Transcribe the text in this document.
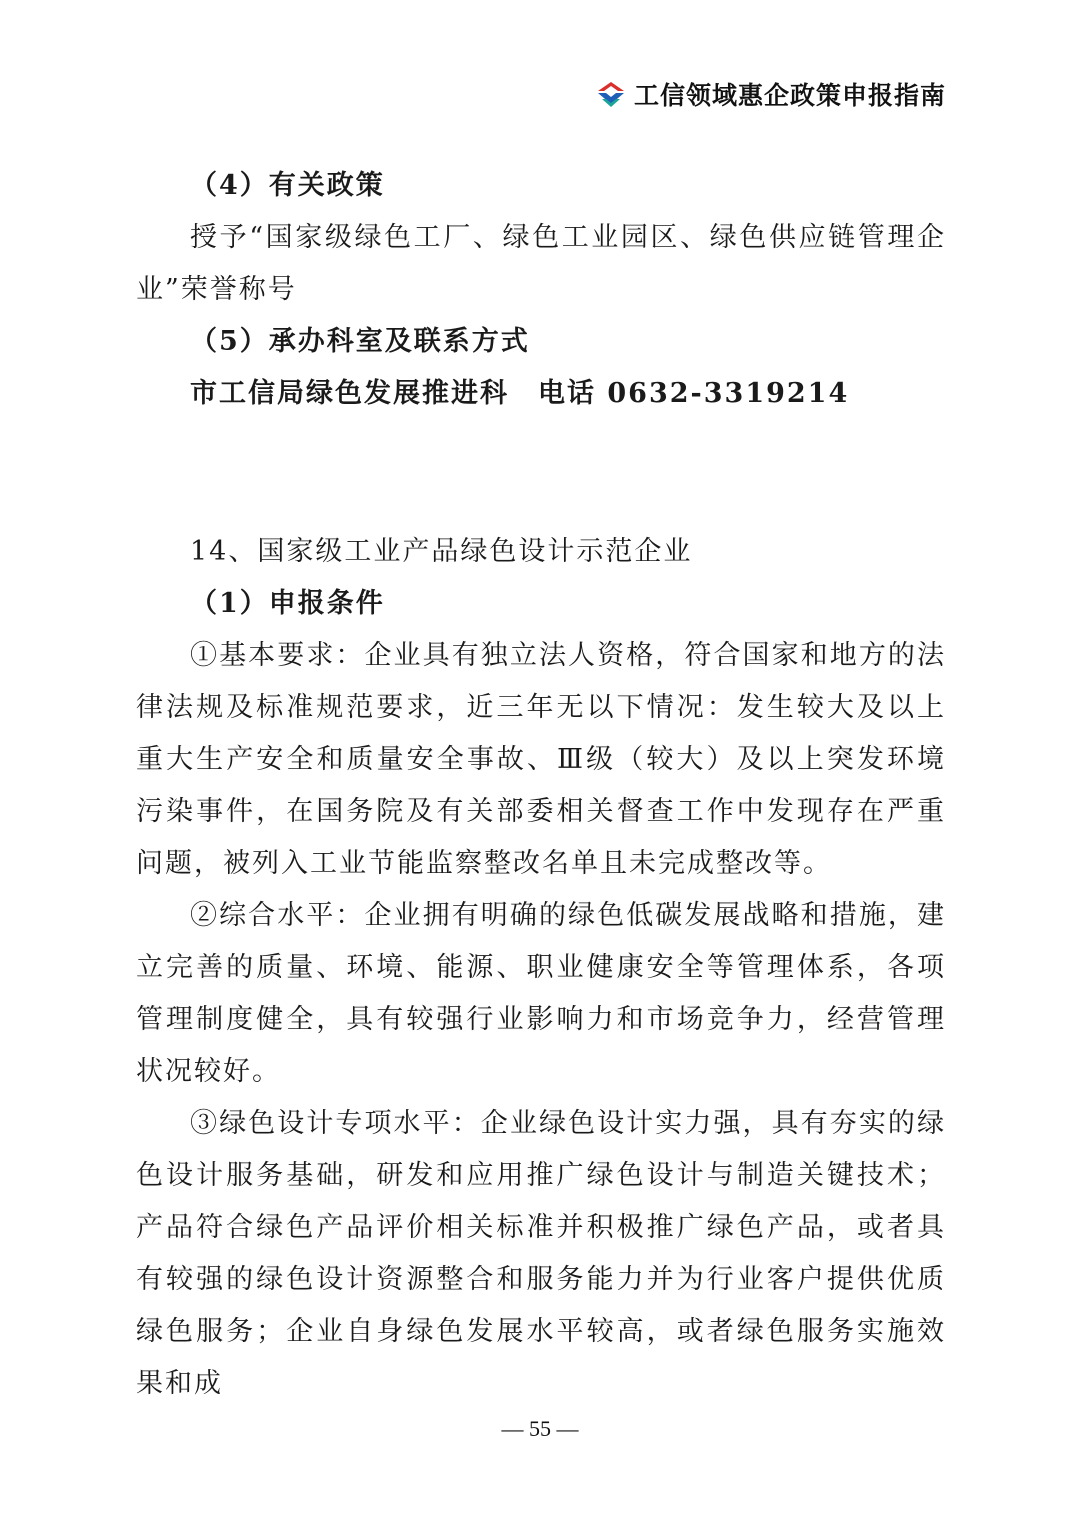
工信领域惠企政策申报指南

（4）有关政策

授予“国家级绿色工厂、绿色工业园区、绿色供应链管理企业”荣誉称号

（5）承办科室及联系方式

市工信局绿色发展推进科　电话 0632-3319214

14、国家级工业产品绿色设计示范企业

（1）申报条件

①基本要求：企业具有独立法人资格，符合国家和地方的法律法规及标准规范要求，近三年无以下情况：发生较大及以上重大生产安全和质量安全事故、Ⅲ级（较大）及以上突发环境污染事件，在国务院及有关部委相关督查工作中发现存在严重问题，被列入工业节能监察整改名单且未完成整改等。

②综合水平：企业拥有明确的绿色低碳发展战略和措施，建立完善的质量、环境、能源、职业健康安全等管理体系，各项管理制度健全，具有较强行业影响力和市场竞争力，经营管理状况较好。

③绿色设计专项水平：企业绿色设计实力强，具有夯实的绿色设计服务基础，研发和应用推广绿色设计与制造关键技术；产品符合绿色产品评价相关标准并积极推广绿色产品，或者具有较强的绿色设计资源整合和服务能力并为行业客户提供优质绿色服务；企业自身绿色发展水平较高，或者绿色服务实施效果和成

— 55 —
